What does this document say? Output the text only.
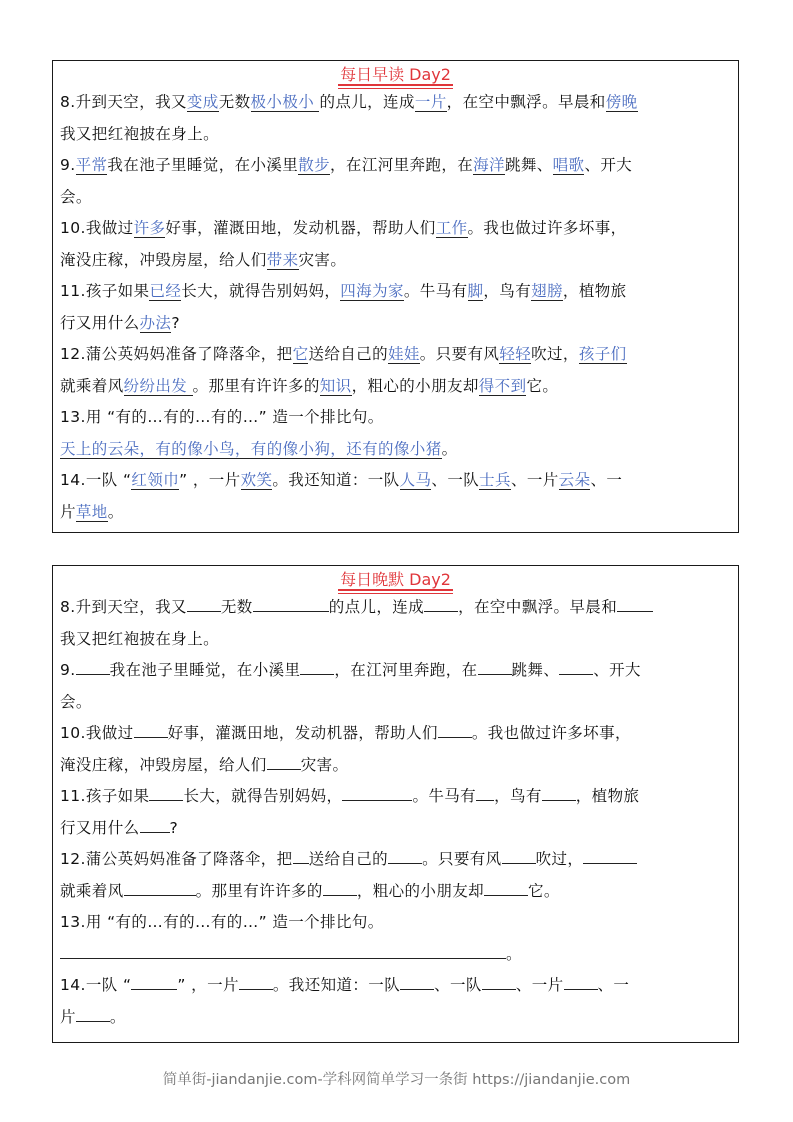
每日早读 Day2
8.升到天空，我又变成无数极小极小 的点儿，连成一片，在空中飘浮。早晨和傍晚
我又把红袍披在身上。
9.平常我在池子里睡觉，在小溪里散步，在江河里奔跑，在海洋跳舞、唱歌、开大
会。
10.我做过许多好事，灌溉田地，发动机器，帮助人们工作。我也做过许多坏事，
淹没庄稼，冲毁房屋，给人们带来灾害。
11.孩子如果已经长大，就得告别妈妈，四海为家。牛马有脚，鸟有翅膀，植物旅
行又用什么办法?
12.蒲公英妈妈准备了降落伞，把它送给自己的娃娃。只要有风轻轻吹过，孩子们
就乘着风纷纷出发 。那里有许许多的知识，粗心的小朋友却得不到它。
13.用 “有的…有的…有的…” 造一个排比句。
天上的云朵，有的像小鸟，有的像小狗，还有的像小猪。
14.一队 “红领巾” ，一片欢笑。我还知道：一队人马、一队士兵、一片云朵、一
片草地。
每日晚默 Day2
8.升到天空，我又 无数	的点儿，连成 ，在空中飘浮。早晨和
我又把红袍披在身上。
9. 我在池子里睡觉，在小溪里 ，在江河里奔跑，在 跳舞、 、开大
会。
10.我做过 好事，灌溉田地，发动机器，帮助人们 。我也做过许多坏事，
淹没庄稼，冲毁房屋，给人们 灾害。
11.孩子如果 长大，就得告别妈妈，	。牛马有 ，鸟有 ，植物旅
行又用什么 ?
12.蒲公英妈妈准备了降落伞，把 送给自己的 。只要有风 吹过，
就乘着风	。那里有许许多的 ，粗心的小朋友却	它。
13.用 “有的…有的…有的…” 造一个排比句。
。
14.一队 “	” ，一片 。我还知道：一队 、一队 、一片 、一
片 。
简单街-jiandanjie.com-学科网简单学习一条街 https://jiandanjie.com
